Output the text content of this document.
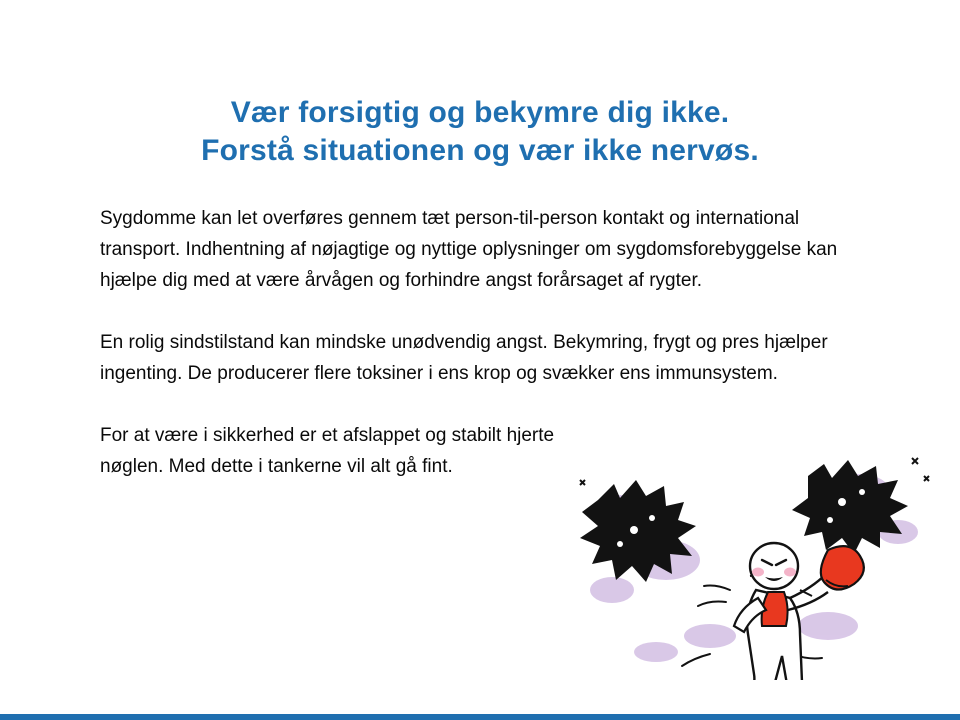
Vær forsigtig og bekymre dig ikke.
Forstå situationen og vær ikke nervøs.

Sygdomme kan let overføres gennem tæt person-til-person kontakt og international transport. Indhentning af nøjagtige og nyttige oplysninger om sygdomsforebyggelse kan hjælpe dig med at være årvågen og forhindre angst forårsaget af rygter.

En rolig sindstilstand kan mindske unødvendig angst. Bekymring, frygt og pres hjælper ingenting. De producerer flere toksiner i ens krop og svækker ens immunsystem.

For at være i sikkerhed er et afslappet og stabilt hjerte nøglen. Med dette i tankerne vil alt gå fint.
